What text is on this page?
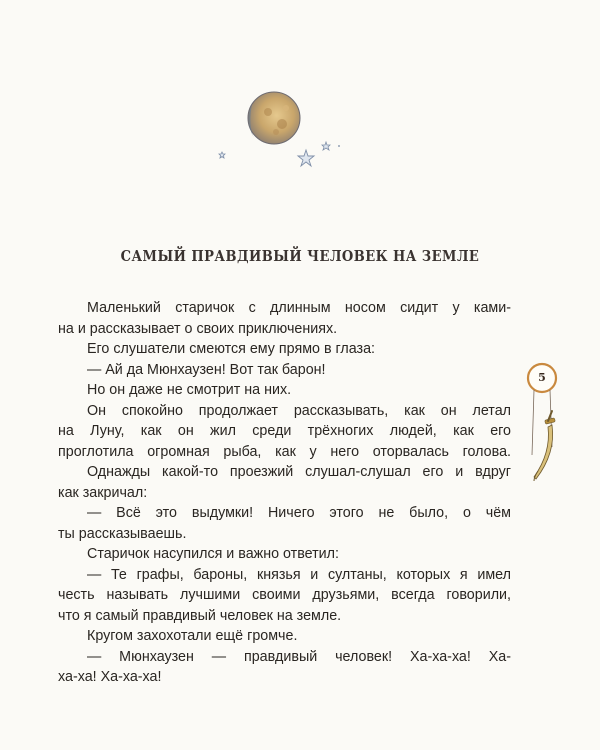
САМЫЙ ПРАВДИВЫЙ ЧЕЛОВЕК НА ЗЕМЛЕ

Маленький старичок с длинным носом сидит у ками-

на и рассказывает о своих приключениях.

Его слушатели смеются ему прямо в глаза:

— Ай да Мюнхаузен! Вот так барон!

Но он даже не смотрит на них.

Он спокойно продолжает рассказывать, как он летал

на Луну, как он жил среди трёхногих людей, как его

проглотила огромная рыба, как у него оторвалась голова.

Однажды какой-то проезжий слушал-слушал его и вдруг

как закричал:

— Всё это выдумки! Ничего этого не было, о чём

ты рассказываешь.

Старичок насупился и важно ответил:

— Те графы, бароны, князья и султаны, которых я имел

честь называть лучшими своими друзьями, всегда говорили,

что я самый правдивый человек на земле.

Кругом захохотали ещё громче.

— Мюнхаузен — правдивый человек! Ха-ха-ха! Ха-

ха-ха! Ха-ха-ха!

5
